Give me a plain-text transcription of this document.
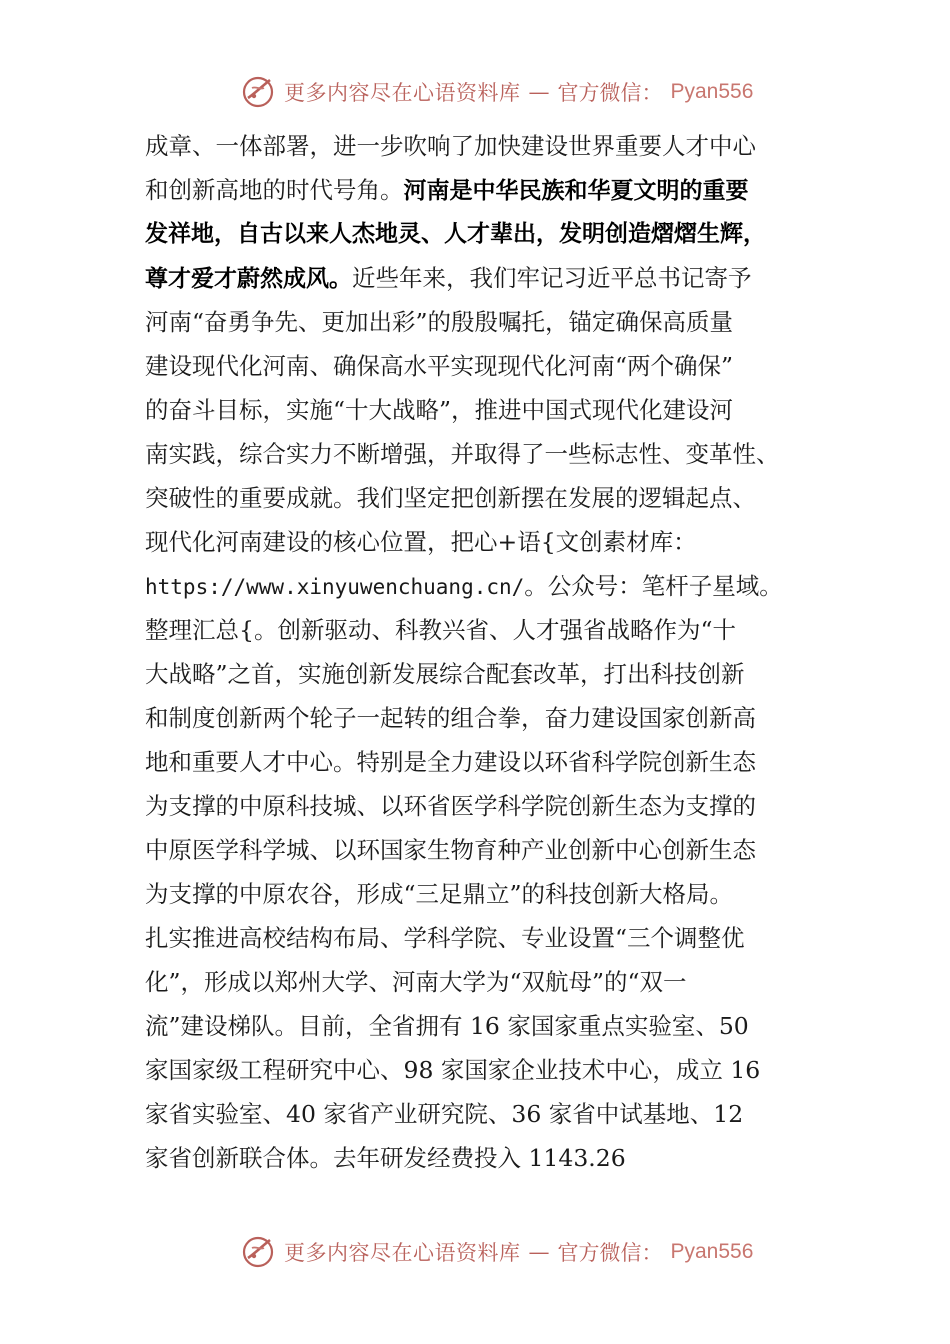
更多内容尽在心语资料库 — 官方微信： Pyan556
成章、一体部署，进一步吹响了加快建设世界重要人才中心
和创新高地的时代号角。河南是中华民族和华夏文明的重要
发祥地，自古以来人杰地灵、人才辈出，发明创造熠熠生辉，
尊才爱才蔚然成风。近些年来，我们牢记习近平总书记寄予
河南“奋勇争先、更加出彩”的殷殷嘱托，锚定确保高质量
建设现代化河南、确保高水平实现现代化河南“两个确保”
的奋斗目标，实施“十大战略”，推进中国式现代化建设河
南实践，综合实力不断增强，并取得了一些标志性、变革性、
突破性的重要成就。我们坚定把创新摆在发展的逻辑起点、
现代化河南建设的核心位置，把心+语{文创素材库：
https://www.xinyuwenchuang.cn/。公众号：笔杆子星域。
整理汇总{。创新驱动、科教兴省、人才强省战略作为“十
大战略”之首，实施创新发展综合配套改革，打出科技创新
和制度创新两个轮子一起转的组合拳，奋力建设国家创新高
地和重要人才中心。特别是全力建设以环省科学院创新生态
为支撑的中原科技城、以环省医学科学院创新生态为支撑的
中原医学科学城、以环国家生物育种产业创新中心创新生态
为支撑的中原农谷，形成“三足鼎立”的科技创新大格局。
扎实推进高校结构布局、学科学院、专业设置“三个调整优
化”，形成以郑州大学、河南大学为“双航母”的“双一
流”建设梯队。目前，全省拥有 16 家国家重点实验室、50
家国家级工程研究中心、98 家国家企业技术中心，成立 16
家省实验室、40 家省产业研究院、36 家省中试基地、12
家省创新联合体。去年研发经费投入 1143.26
更多内容尽在心语资料库 — 官方微信： Pyan556
